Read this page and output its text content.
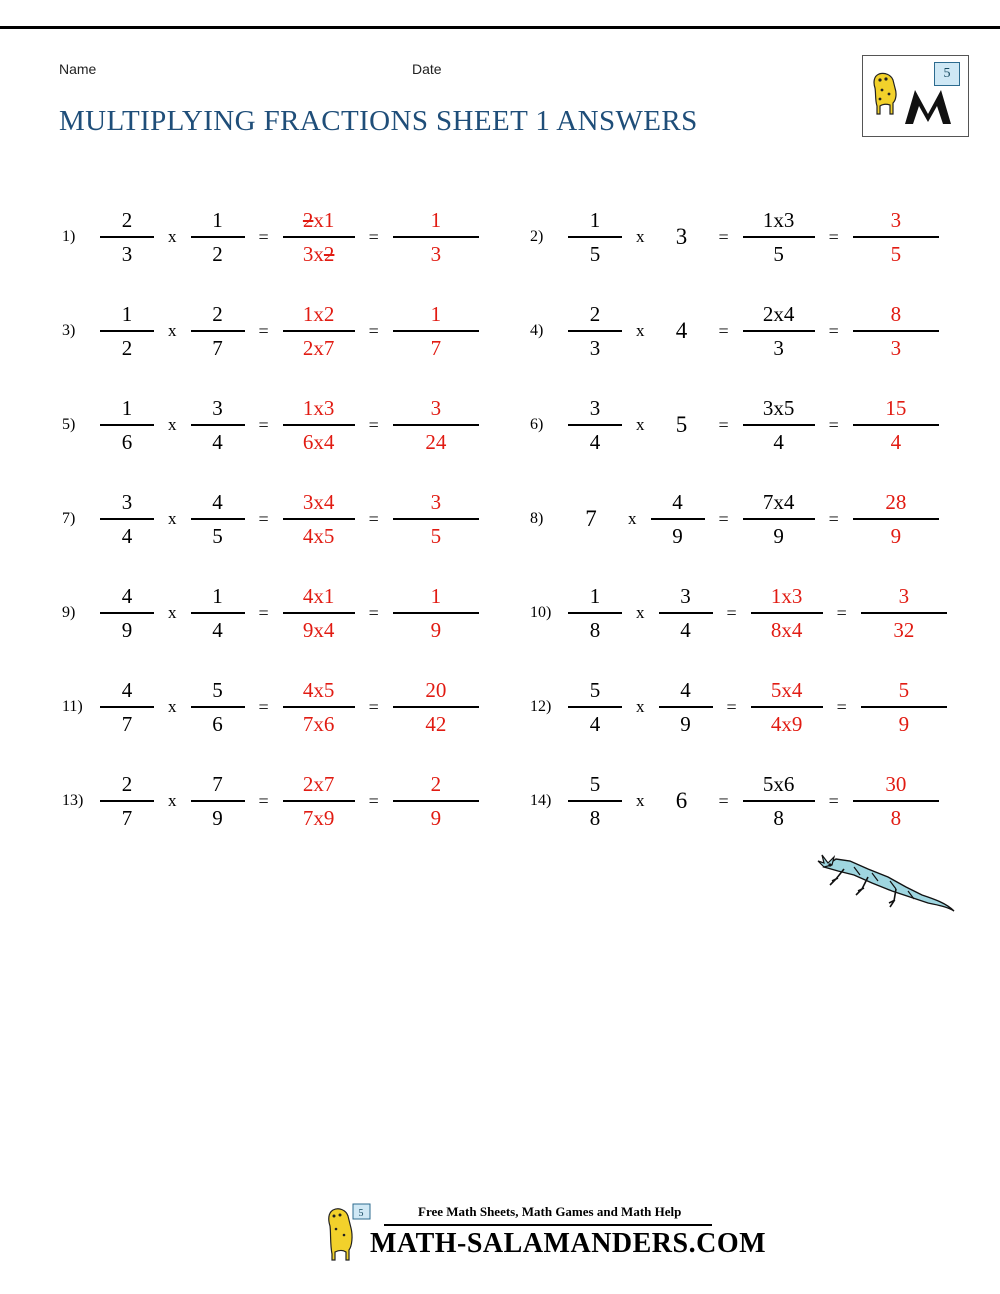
Name	Date
MULTIPLYING FRACTIONS SHEET 1 ANSWERS
5
1)	$\frac{2}{3}$ x $\frac{1}{2} = \frac{2x1}{3x2} = \frac{1}{3}$	2)	$\frac{1}{5}$ x	3	= $\frac{1x3}{5} = \frac{3}{5}$
3)	$\frac{1}{2}$ x $\frac{2}{7} = \frac{1x2}{2x7} = \frac{1}{7}$	4)	$\frac{2}{3}$ x	4	= $\frac{2x4}{3} = \frac{8}{3}$
5)	$\frac{1}{6}$ x $\frac{3}{4} = \frac{1x3}{6x4} = \frac{3}{24}$	6)	$\frac{3}{4}$ x	5	= $\frac{3x5}{4} = \frac{15}{4}$
7)	$\frac{3}{4}$ x $\frac{4}{5} = \frac{3x4}{4x5} = \frac{3}{5}$	8)	7	x $\frac{4}{9} = \frac{7x4}{9} = \frac{28}{9}$
9)	$\frac{4}{9}$ x $\frac{1}{4} = \frac{4x1}{9x4} = \frac{1}{9}$	$10) \frac{1}{8}$ x $\frac{3}{4} = \frac{1x3}{8x4} = \frac{3}{32}$
$11) \frac{4}{7}$ x $\frac{5}{6} = \frac{4x5}{7x6} = \frac{20}{42}$	$12) \frac{5}{4}$ x $\frac{4}{9} = \frac{5x4}{4x9} = \frac{5}{9}$
$13) \frac{2}{7}$ x $\frac{7}{9} = \frac{2x7}{7x9} = \frac{2}{9}$	$14) \frac{5}{8}$ x	6	= $\frac{5x6}{8} = \frac{30}{8}$
5	Free Math Sheets, Math Games and Math Help
MATH-SALAMANDERS.COM
